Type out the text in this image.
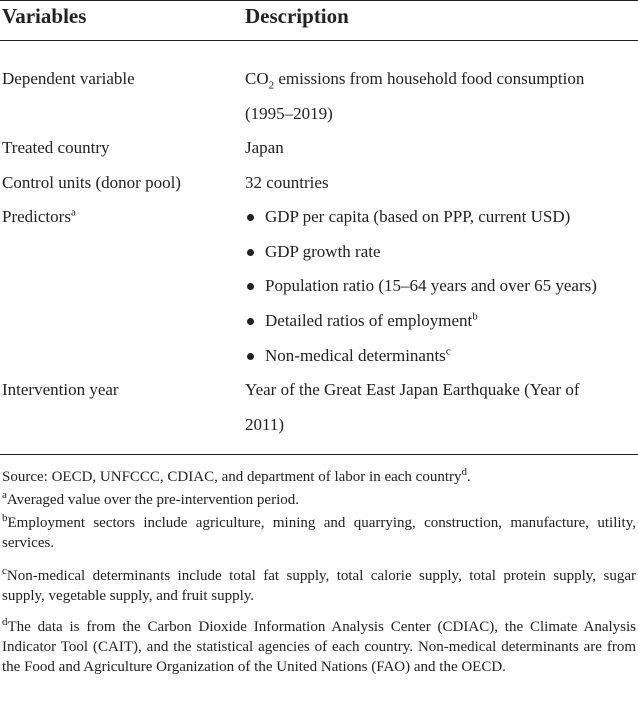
Variables	Description
Dependent variable	$CO_2$ emissions from household food consumption
(1995–2019)
Treated country	Japan
Control units (donor pool)	32 countries
Predictors$^a$	GDP per capita (based on PPP, current USD)
GDP growth rate
Population ratio (15–64 years and over 65 years)
Detailed ratios of employment$^b$
Non-medical determinants$^c$
Intervention year	Year of the Great East Japan Earthquake (Year of
2011)
Source: OECD, UNFCCC, CDIAC, and department of labor in each country$^d$.
$^a$Averaged value over the pre-intervention period.
$^b$Employment sectors include agriculture, mining and quarrying, construction, manufacture, utility, services.
$^c$Non-medical determinants include total fat supply, total calorie supply, total protein supply, sugar supply, vegetable supply, and fruit supply.
$^d$The data is from the Carbon Dioxide Information Analysis Center (CDIAC), the Climate Analysis Indicator Tool (CAIT), and the statistical agencies of each country. Non-medical determinants are from the Food and Agriculture Organization of the United Nations (FAO) and the OECD.
